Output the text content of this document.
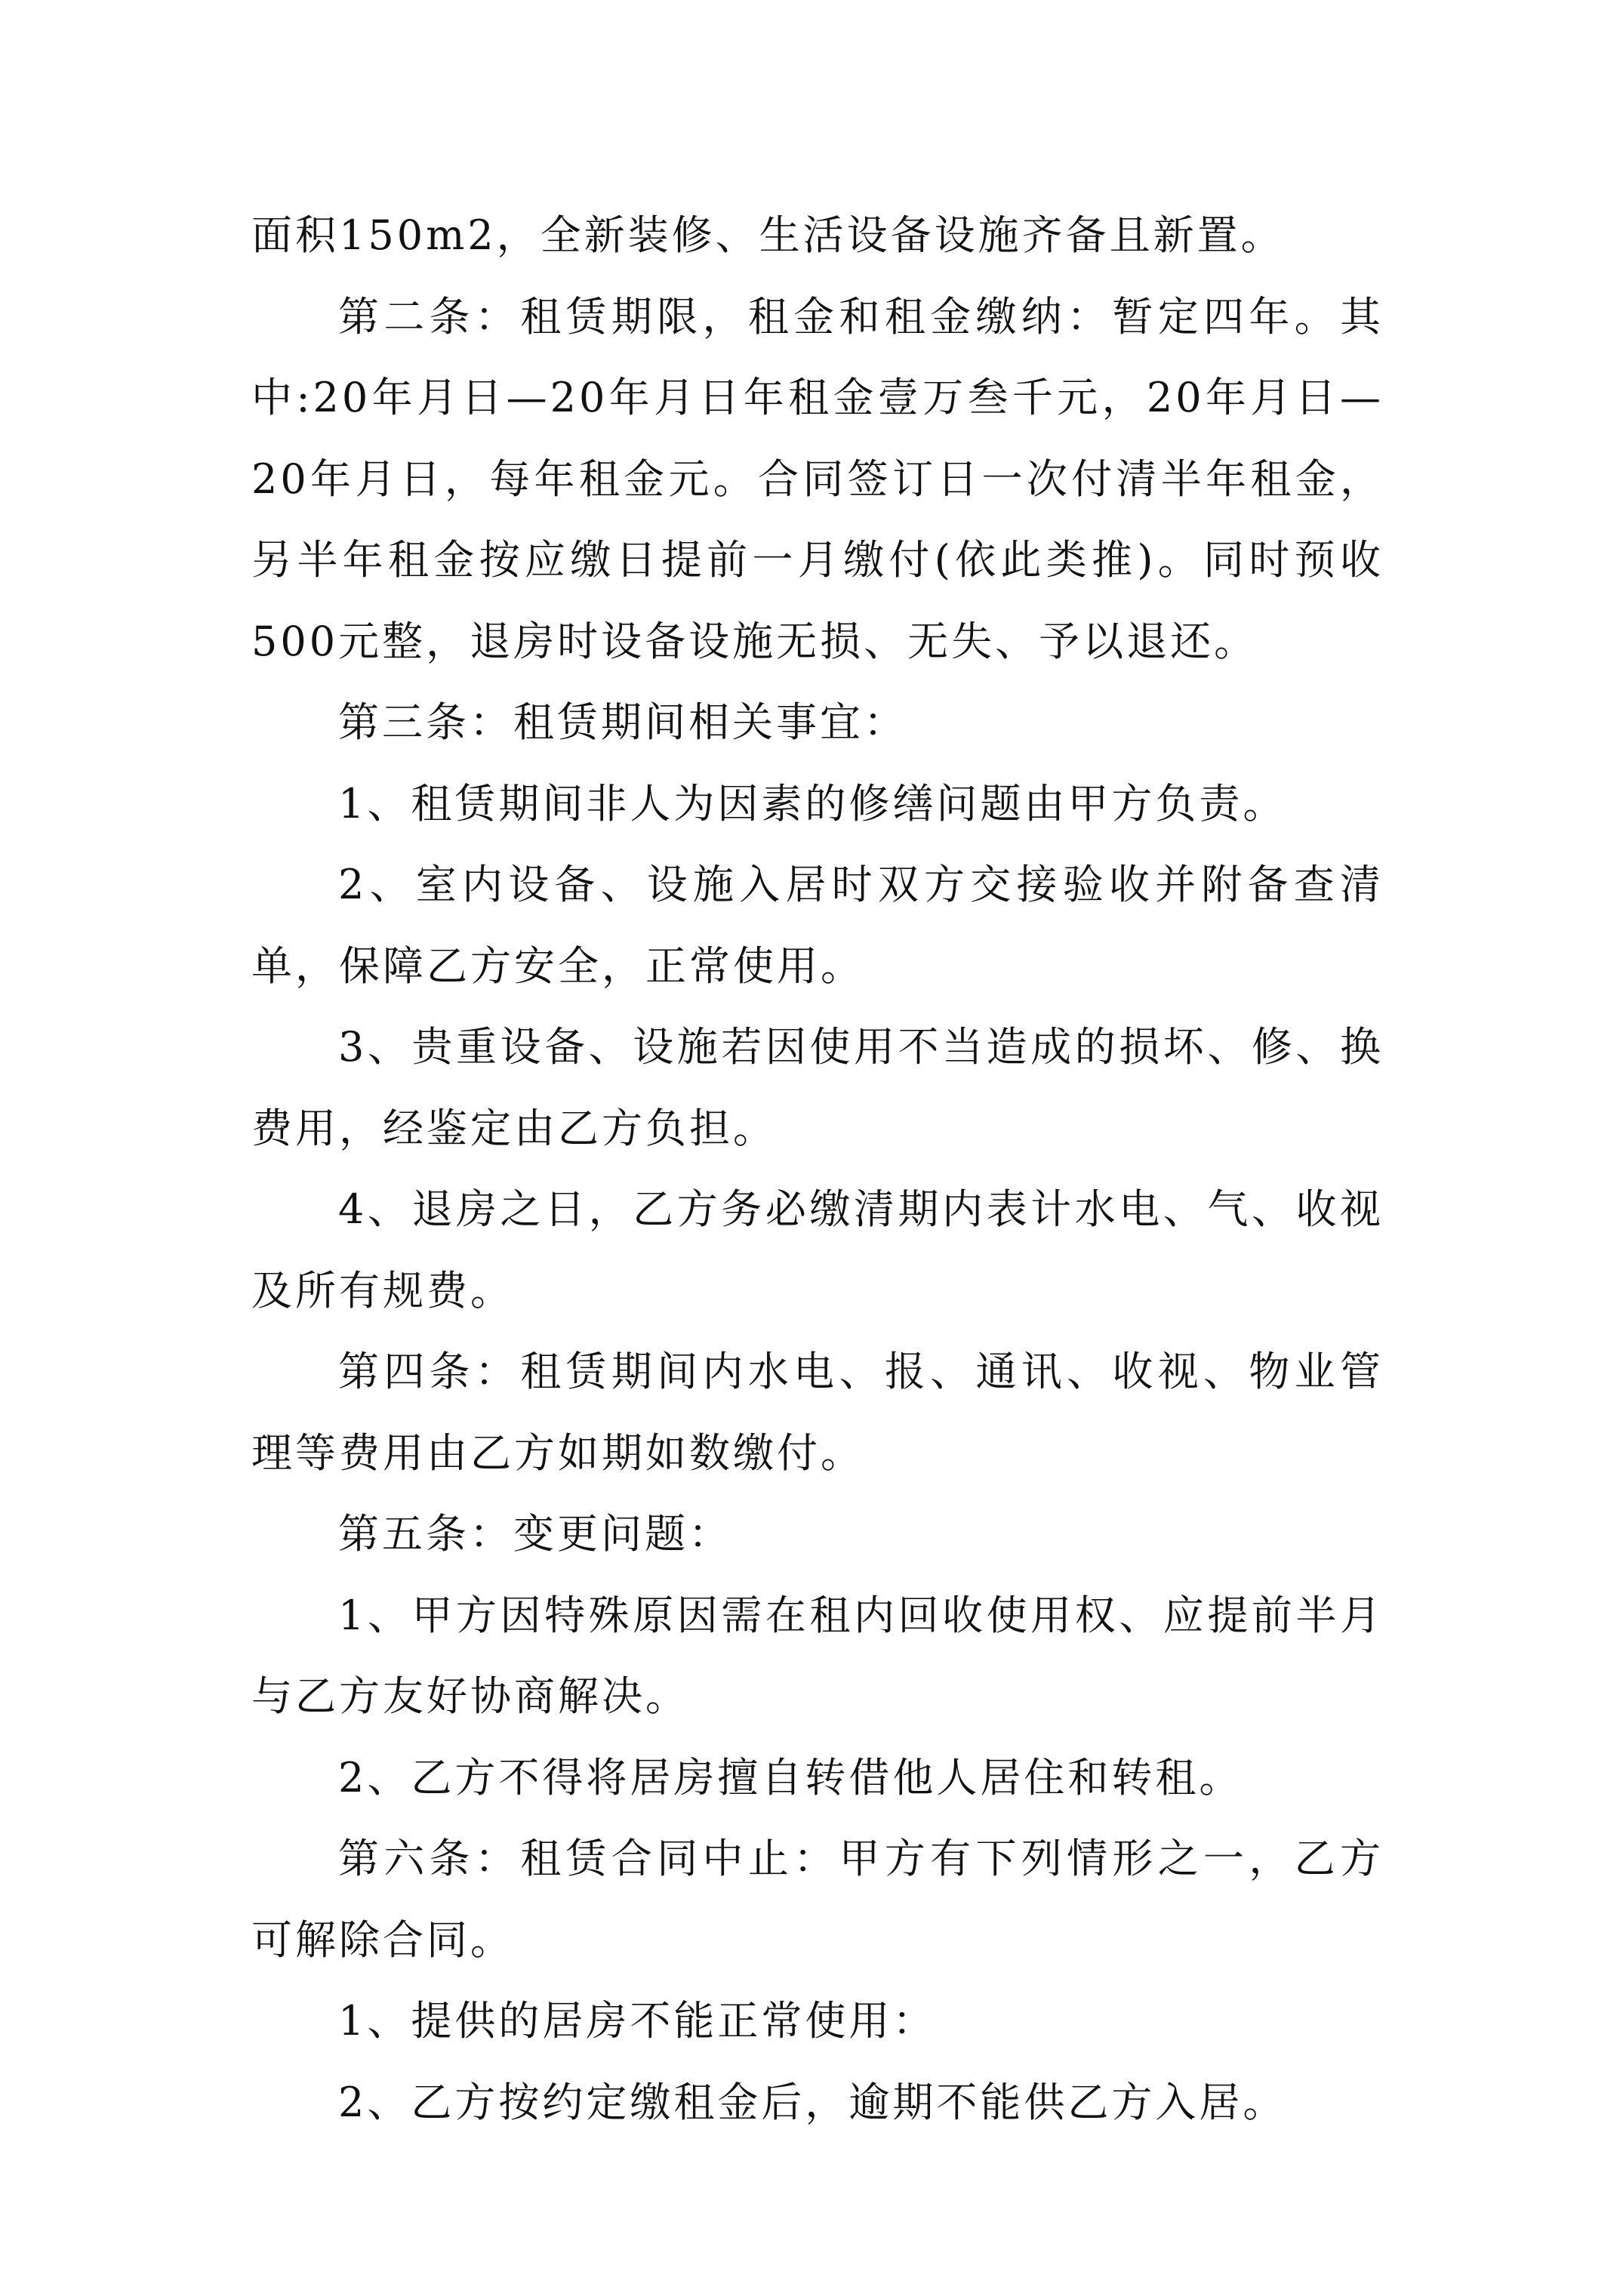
面积150m2，全新装修、生活设备设施齐备且新置。

第二条：租赁期限，租金和租金缴纳：暂定四年。其中:20年月日—20年月日年租金壹万叁千元，20年月日—20年月日，每年租金元。合同签订日一次付清半年租金，另半年租金按应缴日提前一月缴付(依此类推)。同时预收500元整，退房时设备设施无损、无失、予以退还。

第三条：租赁期间相关事宜：

1、租赁期间非人为因素的修缮问题由甲方负责。

2、室内设备、设施入居时双方交接验收并附备查清单，保障乙方安全，正常使用。

3、贵重设备、设施若因使用不当造成的损坏、修、换费用，经鉴定由乙方负担。

4、退房之日，乙方务必缴清期内表计水电、气、收视及所有规费。

第四条：租赁期间内水电、报、通讯、收视、物业管理等费用由乙方如期如数缴付。

第五条：变更问题：

1、甲方因特殊原因需在租内回收使用权、应提前半月与乙方友好协商解决。

2、乙方不得将居房擅自转借他人居住和转租。

第六条：租赁合同中止：甲方有下列情形之一，乙方可解除合同。

1、提供的居房不能正常使用：

2、乙方按约定缴租金后，逾期不能供乙方入居。
